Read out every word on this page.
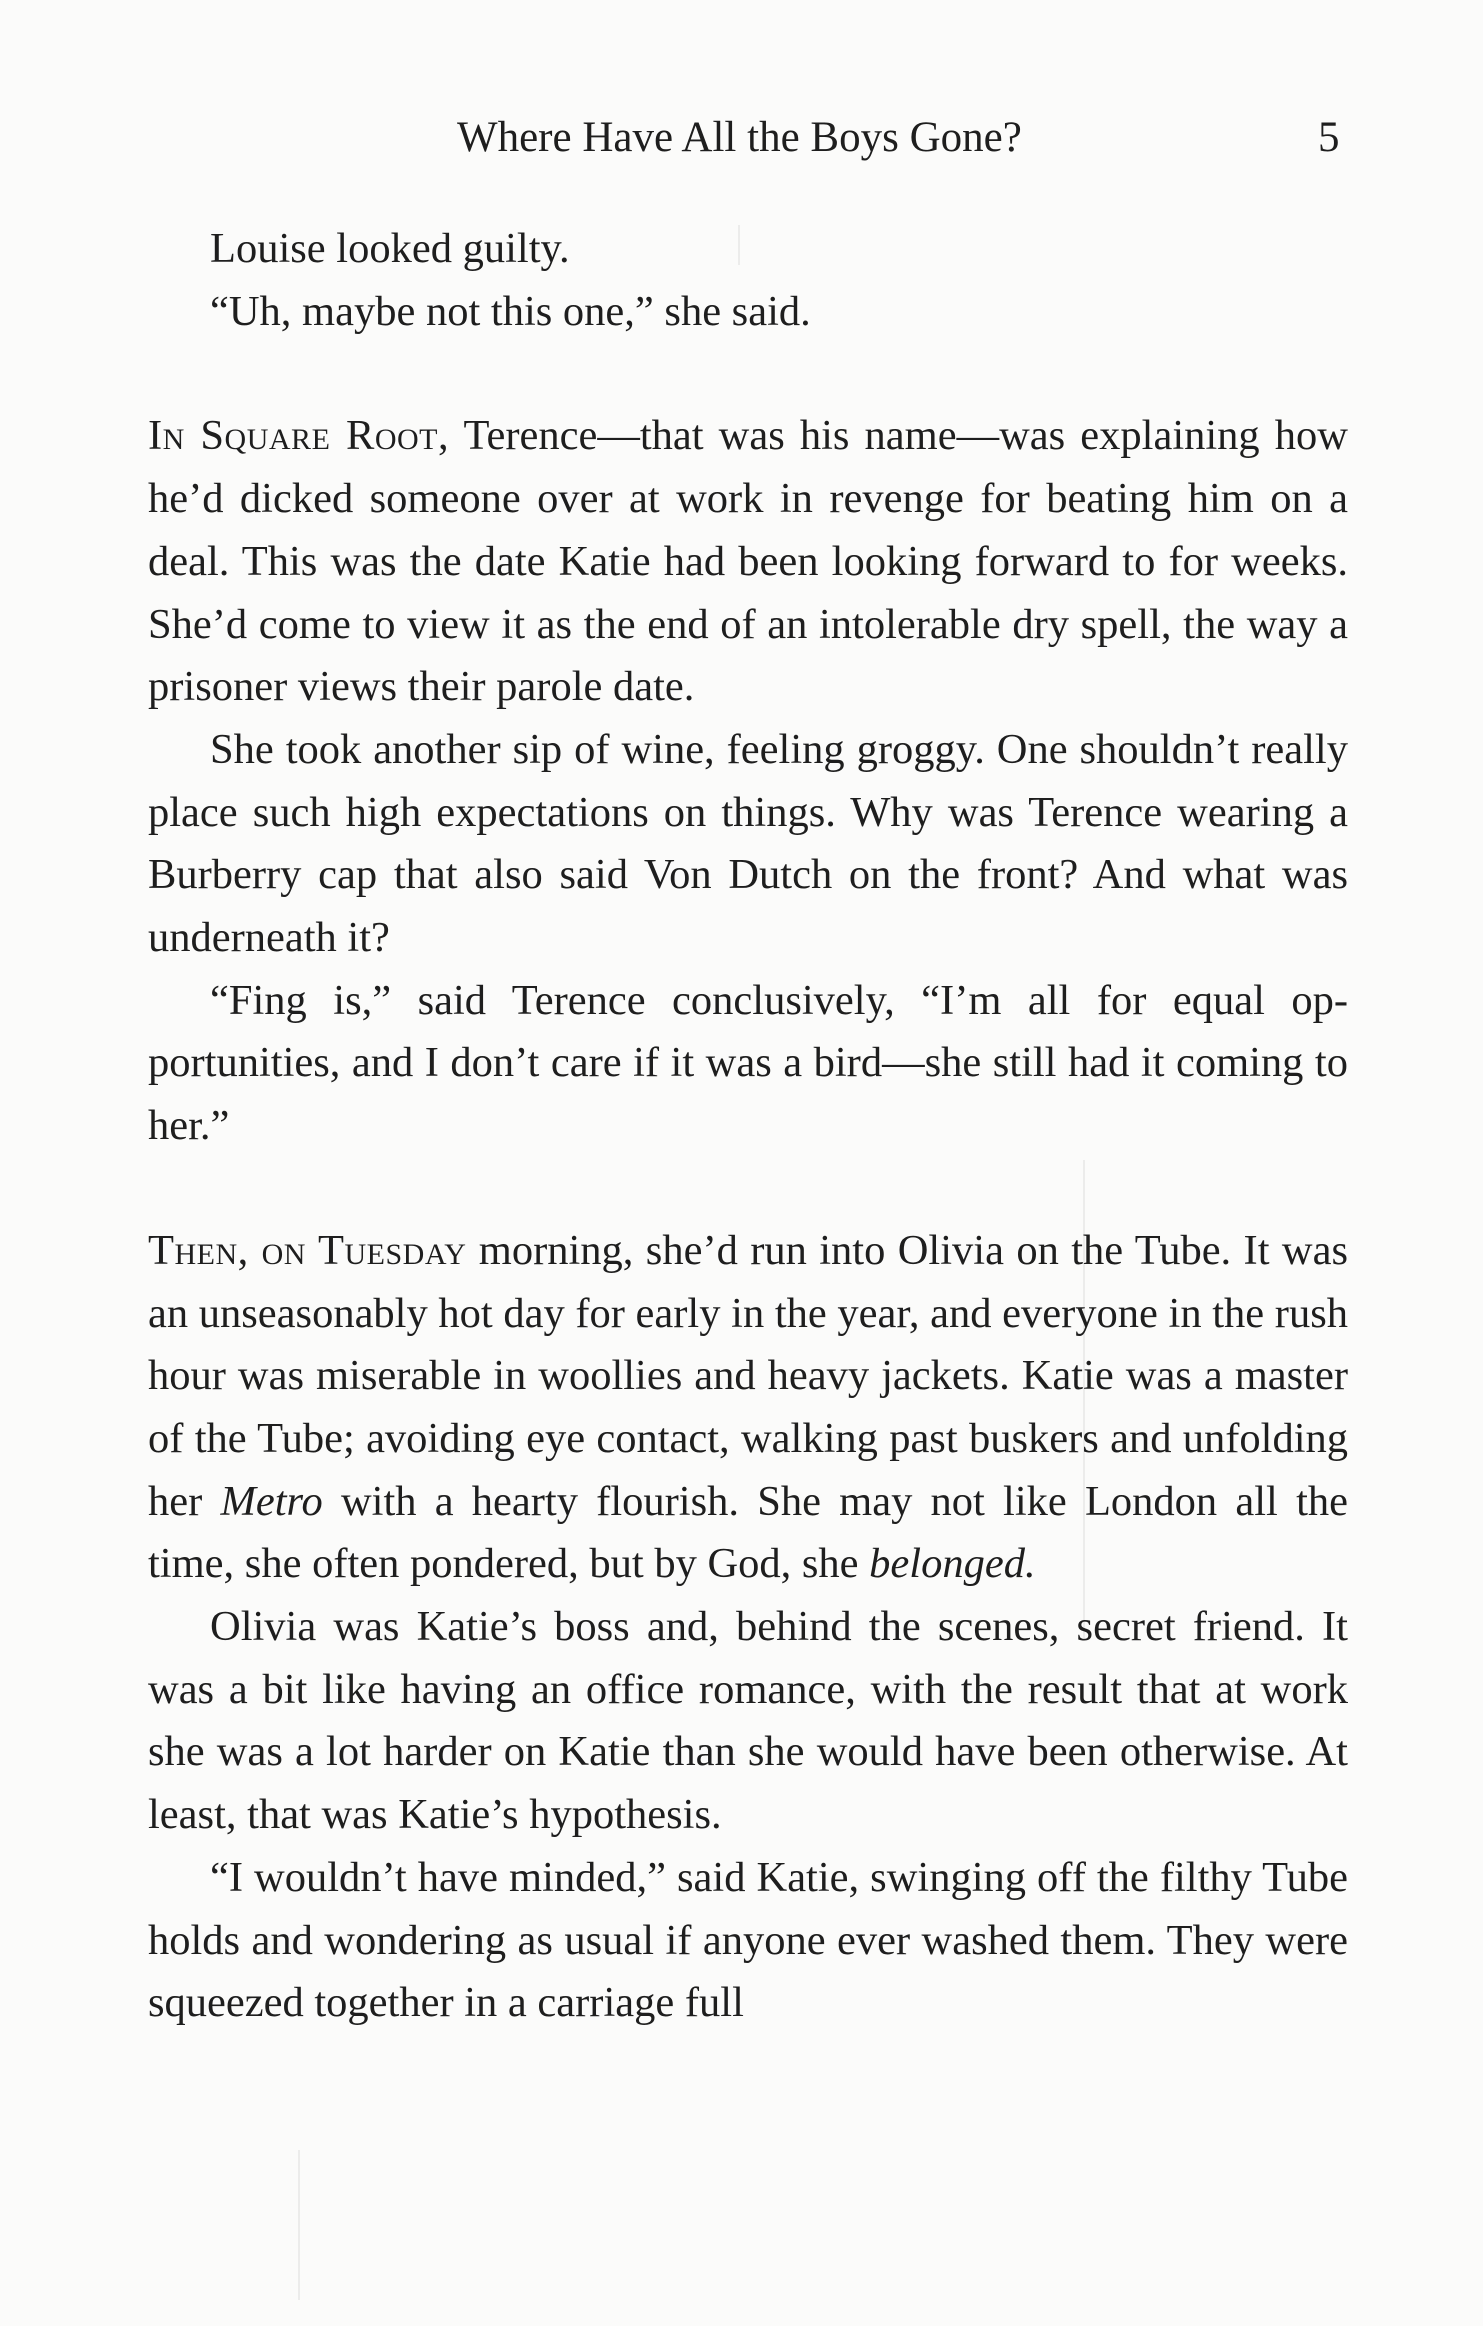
Where Have All the Boys Gone?	5

Louise looked guilty.

“Uh, maybe not this one,” she said.

In Square Root, Terence—that was his name—was explaining how he’d dicked someone over at work in revenge for beating him on a deal. This was the date Katie had been looking forward to for weeks. She’d come to view it as the end of an intolerable dry spell, the way a prisoner views their parole date.

She took another sip of wine, feeling groggy. One shouldn’t really place such high expectations on things. Why was Terence wearing a Burberry cap that also said Von Dutch on the front? And what was underneath it?

“Fing is,” said Terence conclusively, “I’m all for equal opportunities, and I don’t care if it was a bird—she still had it coming to her.”

Then, on Tuesday morning, she’d run into Olivia on the Tube. It was an unseasonably hot day for early in the year, and everyone in the rush hour was miserable in woollies and heavy jackets. Katie was a master of the Tube; avoiding eye contact, walking past buskers and unfolding her Metro with a hearty flourish. She may not like London all the time, she often pondered, but by God, she belonged.

Olivia was Katie’s boss and, behind the scenes, secret friend. It was a bit like having an office romance, with the result that at work she was a lot harder on Katie than she would have been otherwise. At least, that was Katie’s hypothesis.

“I wouldn’t have minded,” said Katie, swinging off the filthy Tube holds and wondering as usual if anyone ever washed them. They were squeezed together in a carriage full
